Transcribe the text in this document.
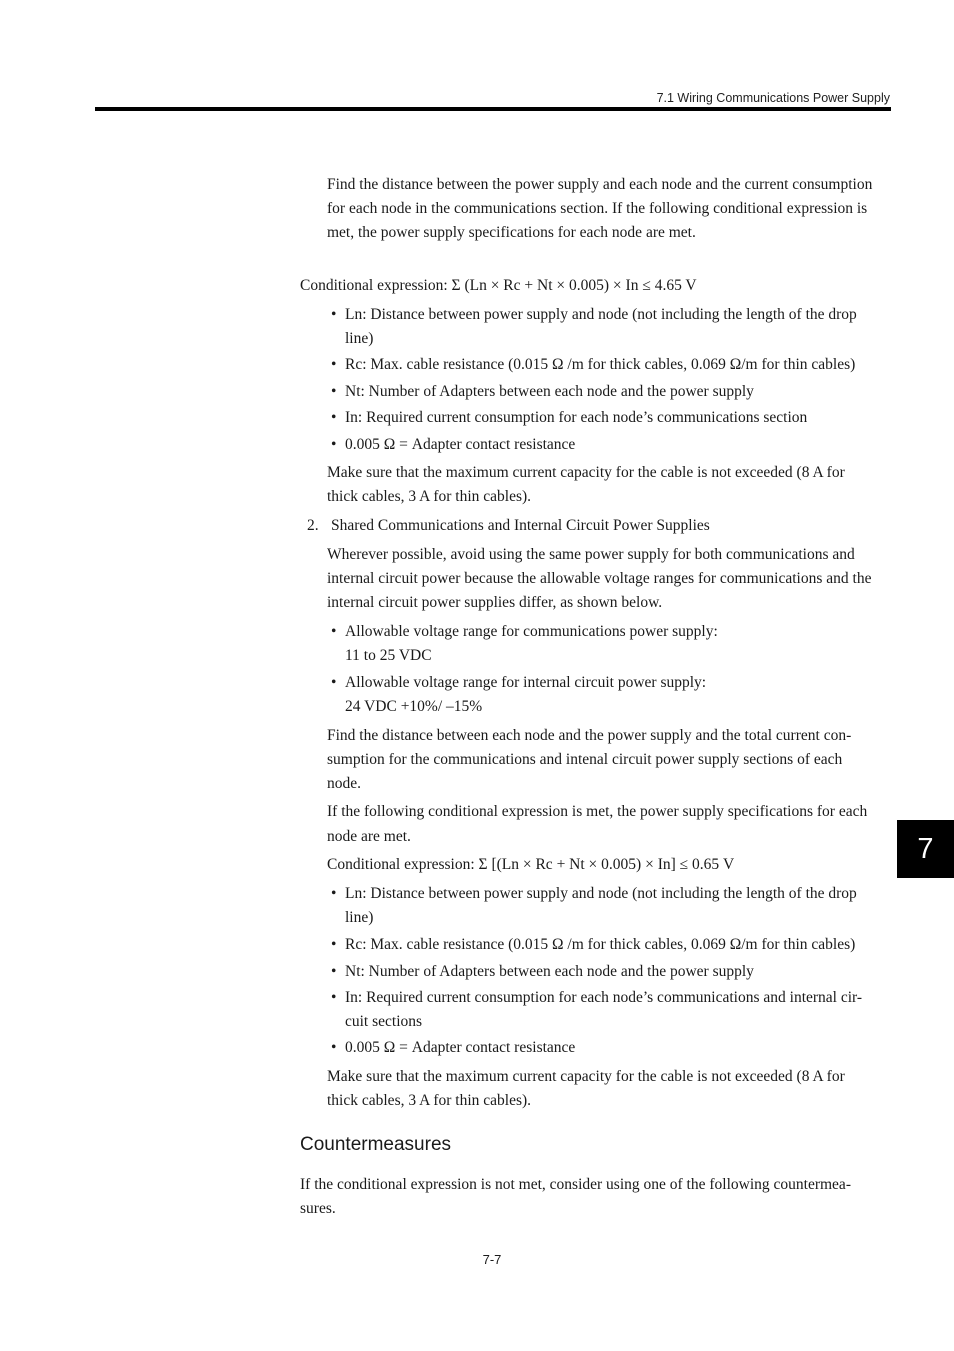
7.1 Wiring Communications Power Supply
7

Find the distance between the power supply and each node and the current consumption

for each node in the communications section. If the following conditional expression is

met, the power supply specifications for each node are met.

Conditional expression: Σ (Ln × Rc + Nt × 0.005) × In ≤ 4.65 V

• Ln: Distance between power supply and node (not including the length of the drop

line)

• Rc: Max. cable resistance (0.015 Ω /m for thick cables, 0.069 Ω/m for thin cables)

• Nt: Number of Adapters between each node and the power supply

• In: Required current consumption for each node’s communications section

• 0.005 Ω = Adapter contact resistance

Make sure that the maximum current capacity for the cable is not exceeded (8 A for

thick cables, 3 A for thin cables).

2. Shared Communications and Internal Circuit Power Supplies

Wherever possible, avoid using the same power supply for both communications and

internal circuit power because the allowable voltage ranges for communications and the

internal circuit power supplies differ, as shown below.

• Allowable voltage range for communications power supply:

11 to 25 VDC

• Allowable voltage range for internal circuit power supply:

24 VDC +10%/ –15%

Find the distance between each node and the power supply and the total current con-

sumption for the communications and intenal circuit power supply sections of each

node.

If the following conditional expression is met, the power supply specifications for each

node are met.

Conditional expression: Σ [(Ln × Rc + Nt × 0.005) × In] ≤ 0.65 V

• Ln: Distance between power supply and node (not including the length of the drop

line)

• Rc: Max. cable resistance (0.015 Ω /m for thick cables, 0.069 Ω/m for thin cables)

• Nt: Number of Adapters between each node and the power supply

• In: Required current consumption for each node’s communications and internal cir-

cuit sections

• 0.005 Ω = Adapter contact resistance

Make sure that the maximum current capacity for the cable is not exceeded (8 A for

thick cables, 3 A for thin cables).

Countermeasures

If the conditional expression is not met, consider using one of the following countermea-

sures.

7-7
